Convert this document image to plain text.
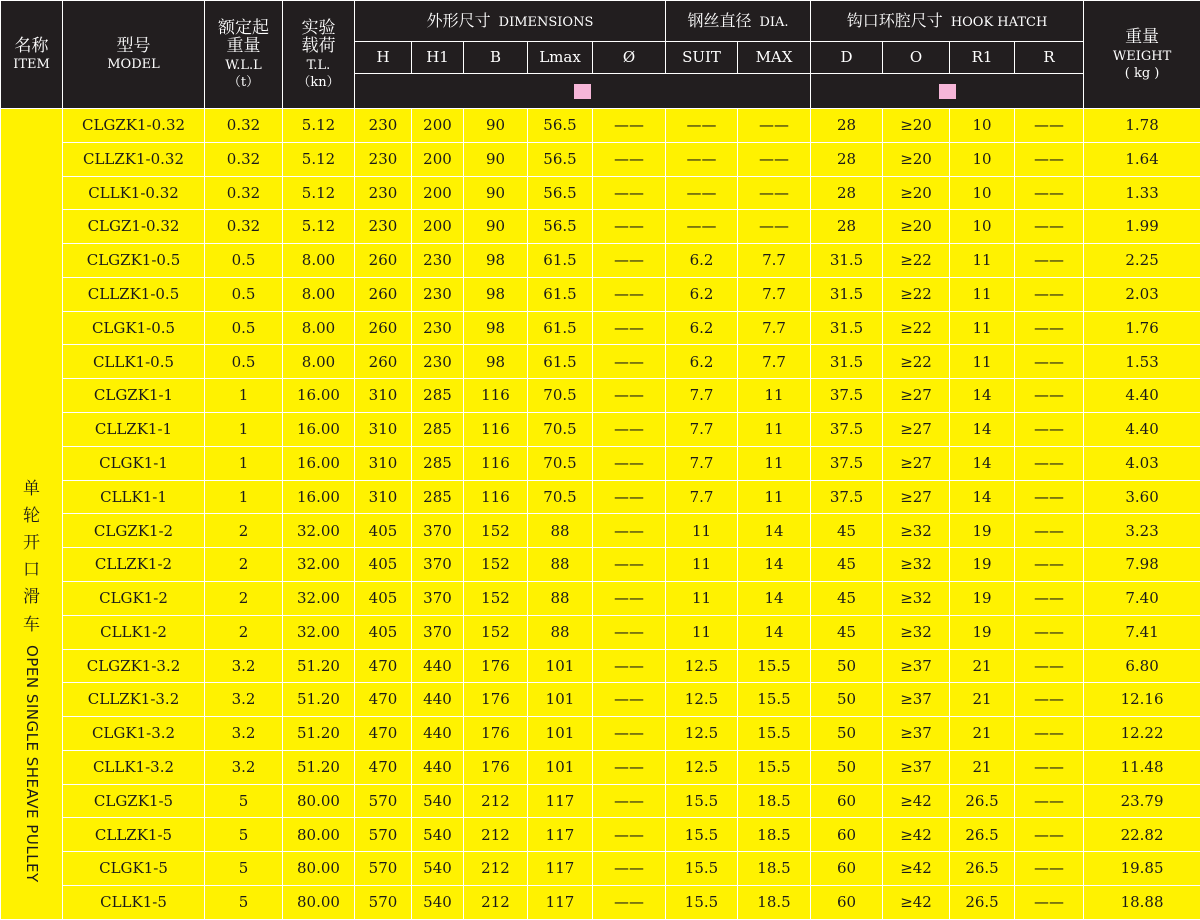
名称
ITEM	型号
MODEL	额定起重量
W.L.L
（t）	实验载荷
T.L.
（kn）	外形尺寸 DIMENSIONS					钢丝直径 DIA.		钩口环腔尺寸 HOOK HATCH				重量
WEIGHT
( kg )

				H	H1	B	Lmax	Ø	SUIT	MAX	D	O	R1	R	

单轮开口滑车
OPEN SINGLE SHEAVE PULLEY	CLGZK1-0.32	0.32	5.12	230	200	90	56.5	——	——	——	28	≥20	10	——	1.78
	CLLZK1-0.32	0.32	5.12	230	200	90	56.5	——	——	——	28	≥20	10	——	1.64
	CLLK1-0.32	0.32	5.12	230	200	90	56.5	——	——	——	28	≥20	10	——	1.33
	CLGZ1-0.32	0.32	5.12	230	200	90	56.5	——	——	——	28	≥20	10	——	1.99
	CLGZK1-0.5	0.5	8.00	260	230	98	61.5	——	6.2	7.7	31.5	≥22	11	——	2.25
	CLLZK1-0.5	0.5	8.00	260	230	98	61.5	——	6.2	7.7	31.5	≥22	11	——	2.03
	CLGK1-0.5	0.5	8.00	260	230	98	61.5	——	6.2	7.7	31.5	≥22	11	——	1.76
	CLLK1-0.5	0.5	8.00	260	230	98	61.5	——	6.2	7.7	31.5	≥22	11	——	1.53
	CLGZK1-1	1	16.00	310	285	116	70.5	——	7.7	11	37.5	≥27	14	——	4.40
	CLLZK1-1	1	16.00	310	285	116	70.5	——	7.7	11	37.5	≥27	14	——	4.40
	CLGK1-1	1	16.00	310	285	116	70.5	——	7.7	11	37.5	≥27	14	——	4.03
	CLLK1-1	1	16.00	310	285	116	70.5	——	7.7	11	37.5	≥27	14	——	3.60
	CLGZK1-2	2	32.00	405	370	152	88	——	11	14	45	≥32	19	——	3.23
	CLLZK1-2	2	32.00	405	370	152	88	——	11	14	45	≥32	19	——	7.98
	CLGK1-2	2	32.00	405	370	152	88	——	11	14	45	≥32	19	——	7.40
	CLLK1-2	2	32.00	405	370	152	88	——	11	14	45	≥32	19	——	7.41
	CLGZK1-3.2	3.2	51.20	470	440	176	101	——	12.5	15.5	50	≥37	21	——	6.80
	CLLZK1-3.2	3.2	51.20	470	440	176	101	——	12.5	15.5	50	≥37	21	——	12.16
	CLGK1-3.2	3.2	51.20	470	440	176	101	——	12.5	15.5	50	≥37	21	——	12.22
	CLLK1-3.2	3.2	51.20	470	440	176	101	——	12.5	15.5	50	≥37	21	——	11.48
	CLGZK1-5	5	80.00	570	540	212	117	——	15.5	18.5	60	≥42	26.5	——	23.79
	CLLZK1-5	5	80.00	570	540	212	117	——	15.5	18.5	60	≥42	26.5	——	22.82
	CLGK1-5	5	80.00	570	540	212	117	——	15.5	18.5	60	≥42	26.5	——	19.85
	CLLK1-5	5	80.00	570	540	212	117	——	15.5	18.5	60	≥42	26.5	——	18.88
